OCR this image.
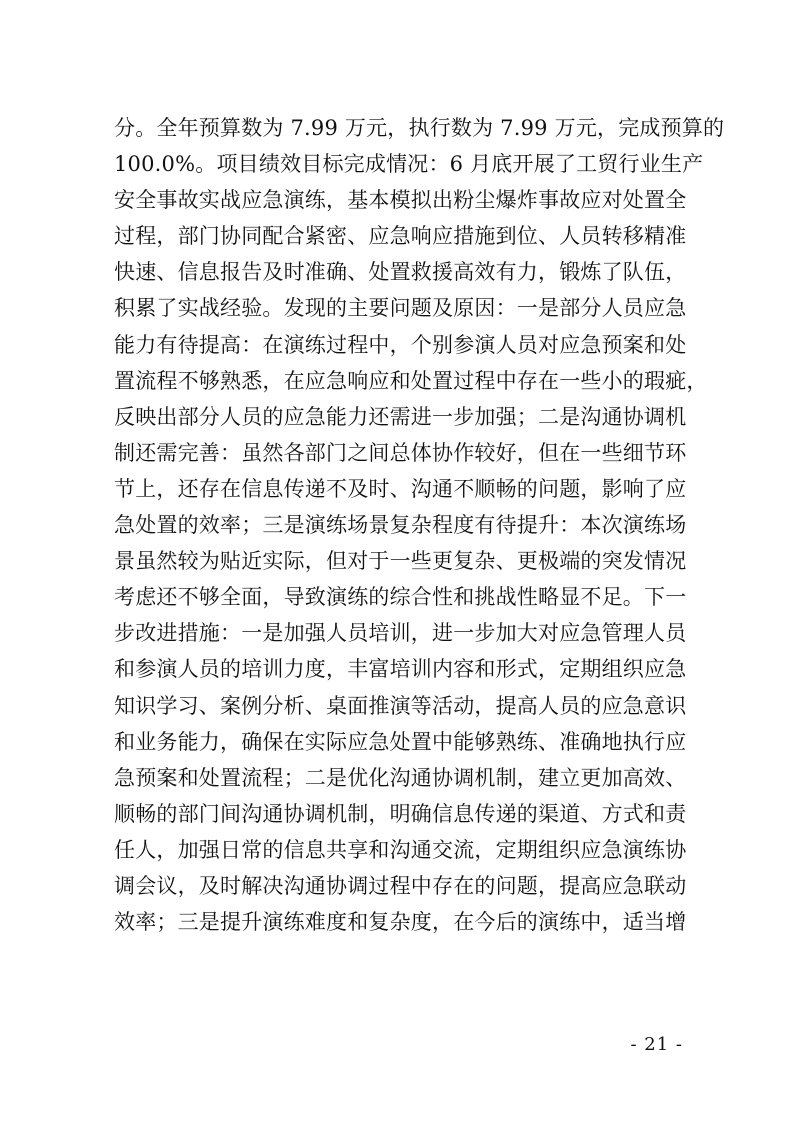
分。全年预算数为 7.99 万元，执行数为 7.99 万元，完成预算的
100.0%。项目绩效目标完成情况：6 月底开展了工贸行业生产
安全事故实战应急演练，基本模拟出粉尘爆炸事故应对处置全
过程，部门协同配合紧密、应急响应措施到位、人员转移精准
快速、信息报告及时准确、处置救援高效有力，锻炼了队伍，
积累了实战经验。发现的主要问题及原因：一是部分人员应急
能力有待提高：在演练过程中，个别参演人员对应急预案和处
置流程不够熟悉，在应急响应和处置过程中存在一些小的瑕疵，
反映出部分人员的应急能力还需进一步加强；二是沟通协调机
制还需完善：虽然各部门之间总体协作较好，但在一些细节环
节上，还存在信息传递不及时、沟通不顺畅的问题，影响了应
急处置的效率；三是演练场景复杂程度有待提升：本次演练场
景虽然较为贴近实际，但对于一些更复杂、更极端的突发情况
考虑还不够全面，导致演练的综合性和挑战性略显不足。下一
步改进措施：一是加强人员培训，进一步加大对应急管理人员
和参演人员的培训力度，丰富培训内容和形式，定期组织应急
知识学习、案例分析、桌面推演等活动，提高人员的应急意识
和业务能力，确保在实际应急处置中能够熟练、准确地执行应
急预案和处置流程；二是优化沟通协调机制，建立更加高效、
顺畅的部门间沟通协调机制，明确信息传递的渠道、方式和责
任人，加强日常的信息共享和沟通交流，定期组织应急演练协
调会议，及时解决沟通协调过程中存在的问题，提高应急联动
效率；三是提升演练难度和复杂度，在今后的演练中，适当增
- 21 -
